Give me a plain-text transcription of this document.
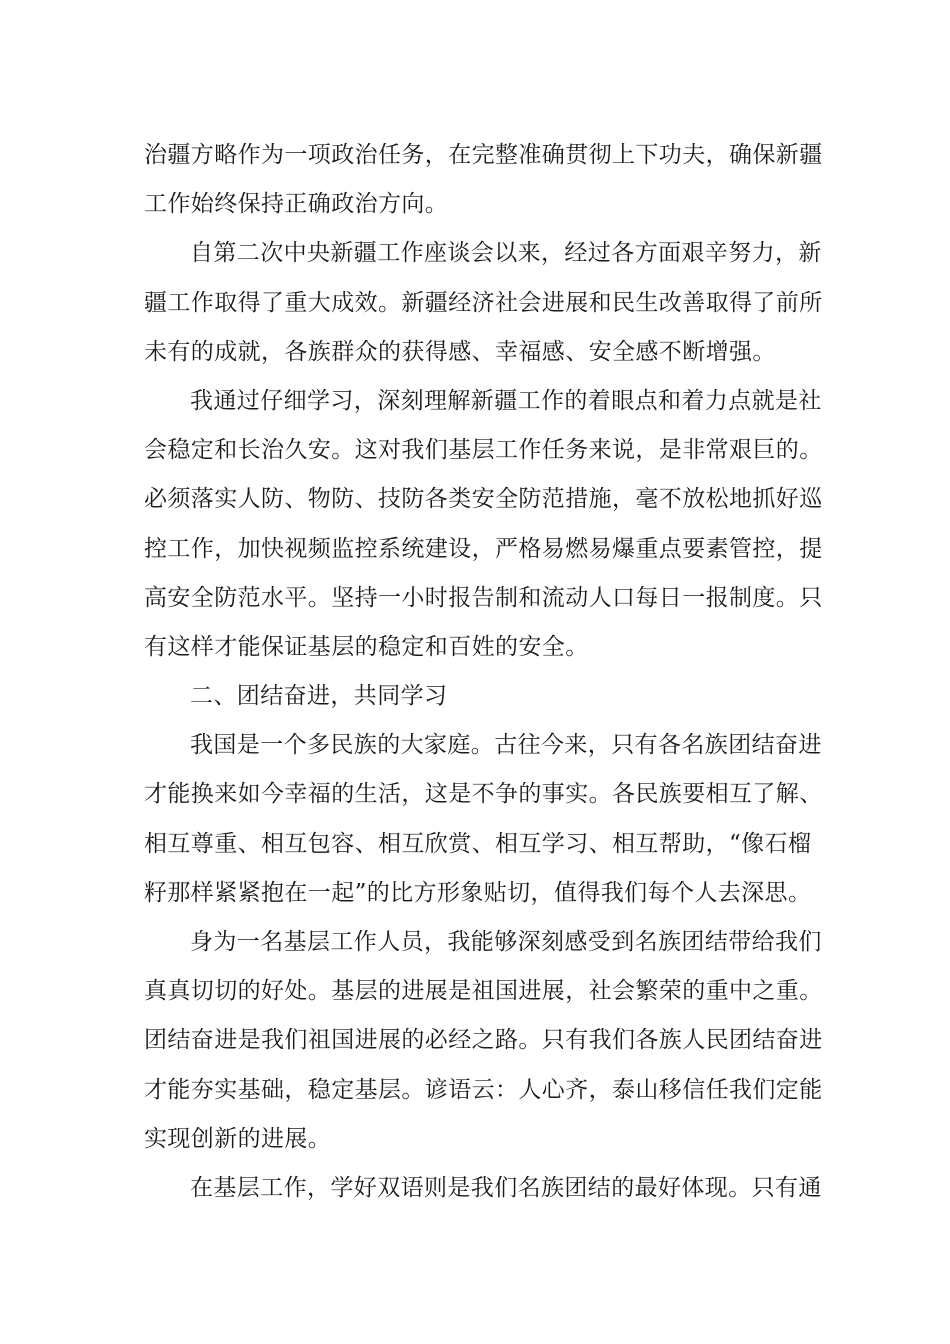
治疆方略作为一项政治任务，在完整准确贯彻上下功夫，确保新疆
工作始终保持正确政治方向。
自第二次中央新疆工作座谈会以来，经过各方面艰辛努力，新
疆工作取得了重大成效。新疆经济社会进展和民生改善取得了前所
未有的成就，各族群众的获得感、幸福感、安全感不断增强。
我通过仔细学习，深刻理解新疆工作的着眼点和着力点就是社
会稳定和长治久安。这对我们基层工作任务来说，是非常艰巨的。
必须落实人防、物防、技防各类安全防范措施，毫不放松地抓好巡
控工作，加快视频监控系统建设，严格易燃易爆重点要素管控，提
高安全防范水平。坚持一小时报告制和流动人口每日一报制度。只
有这样才能保证基层的稳定和百姓的安全。
二、团结奋进，共同学习
我国是一个多民族的大家庭。古往今来，只有各名族团结奋进
才能换来如今幸福的生活，这是不争的事实。各民族要相互了解、
相互尊重、相互包容、相互欣赏、相互学习、相互帮助，“像石榴
籽那样紧紧抱在一起”的比方形象贴切，值得我们每个人去深思。
身为一名基层工作人员，我能够深刻感受到名族团结带给我们
真真切切的好处。基层的进展是祖国进展，社会繁荣的重中之重。
团结奋进是我们祖国进展的必经之路。只有我们各族人民团结奋进
才能夯实基础，稳定基层。谚语云：人心齐，泰山移信任我们定能
实现创新的进展。
在基层工作，学好双语则是我们名族团结的最好体现。只有通
